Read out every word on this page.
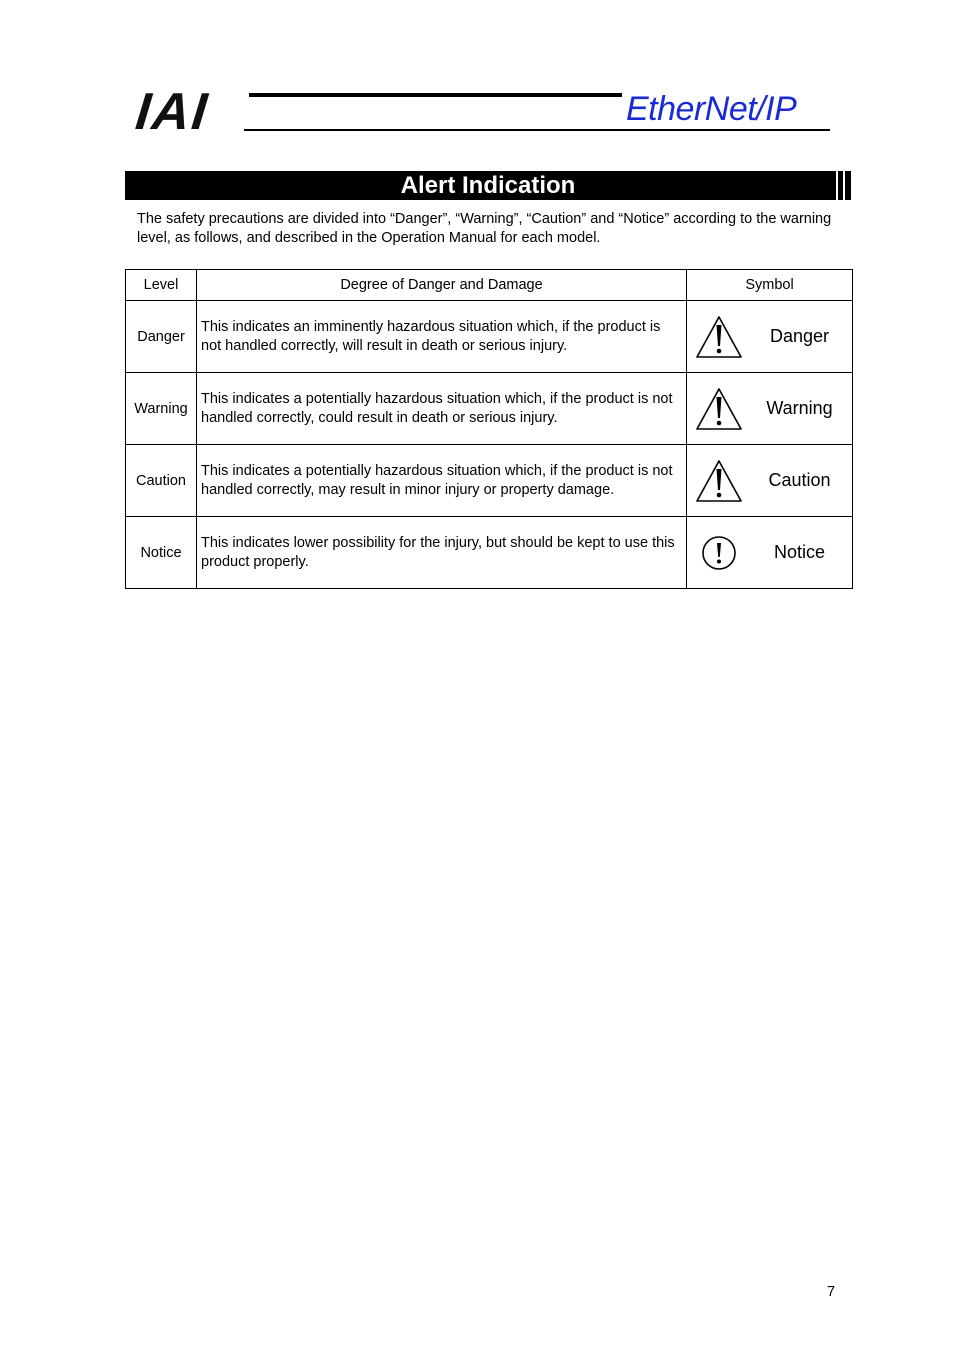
IAI	EtherNet/IP
Alert Indication

The safety precautions are divided into “Danger”, “Warning”, “Caution” and “Notice” according to the warning level, as follows, and described in the Operation Manual for each model.

Level	Degree of Danger and Damage	Symbol
Danger	This indicates an imminently hazardous situation which, if the product is not handled correctly, will result in death or serious injury.	Danger

Warning	This indicates a potentially hazardous situation which, if the product is not handled correctly, could result in death or serious injury.	Warning

Caution	This indicates a potentially hazardous situation which, if the product is not handled correctly, may result in minor injury or property damage.	Caution

Notice	This indicates lower possibility for the injury, but should be kept to use this product properly.	Notice
7
